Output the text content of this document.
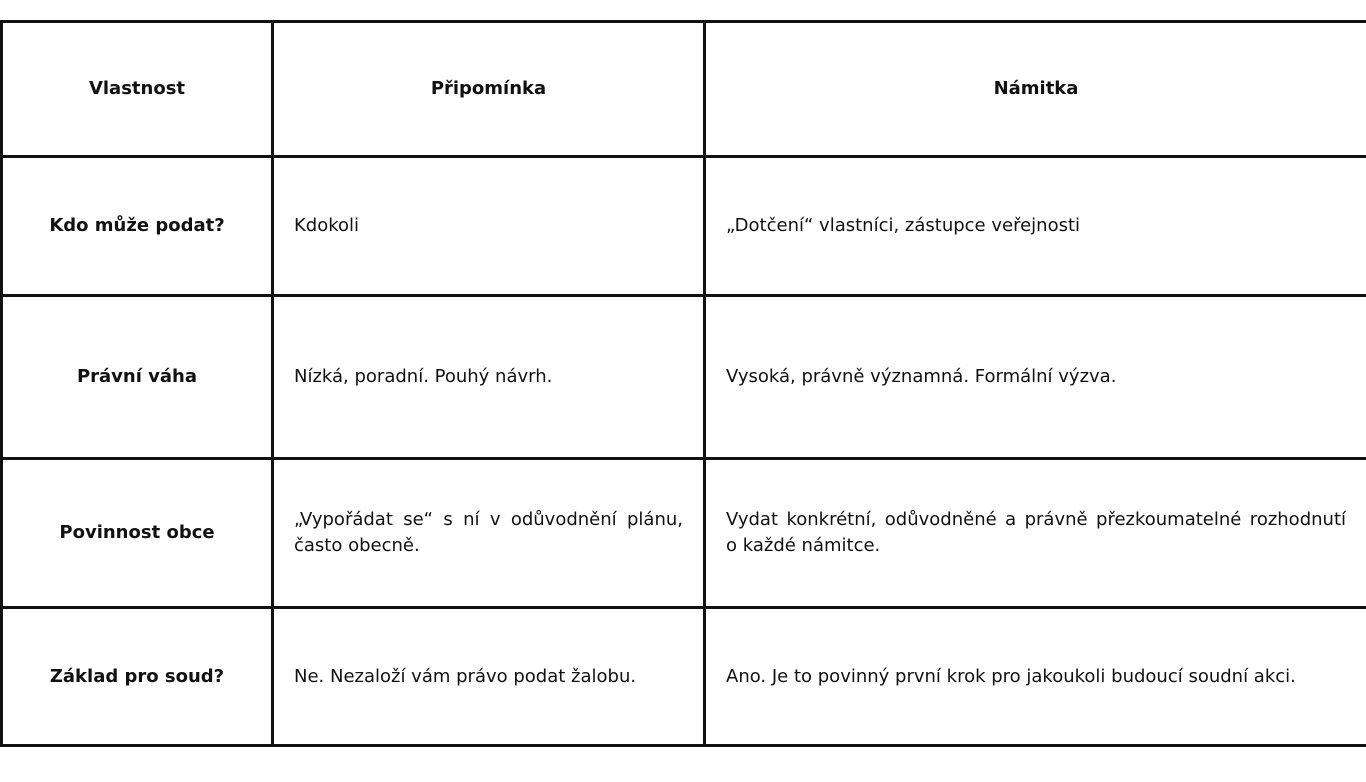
Vlastnost	Připomínka	Námitka
Kdo může podat?	Kdokoli	„Dotčení“ vlastníci, zástupce veřejnosti
Právní váha	Nízká, poradní. Pouhý návrh.	Vysoká, právně významná. Formální výzva.
Povinnost obce	„Vypořádat se“ s ní v odůvodnění plánu, často obecně.	Vydat konkrétní, odůvodněné a právně přezkoumatelné rozhodnutí o každé námitce.
Základ pro soud?	Ne. Nezaloží vám právo podat žalobu.	Ano. Je to povinný první krok pro jakoukoli budoucí soudní akci.
